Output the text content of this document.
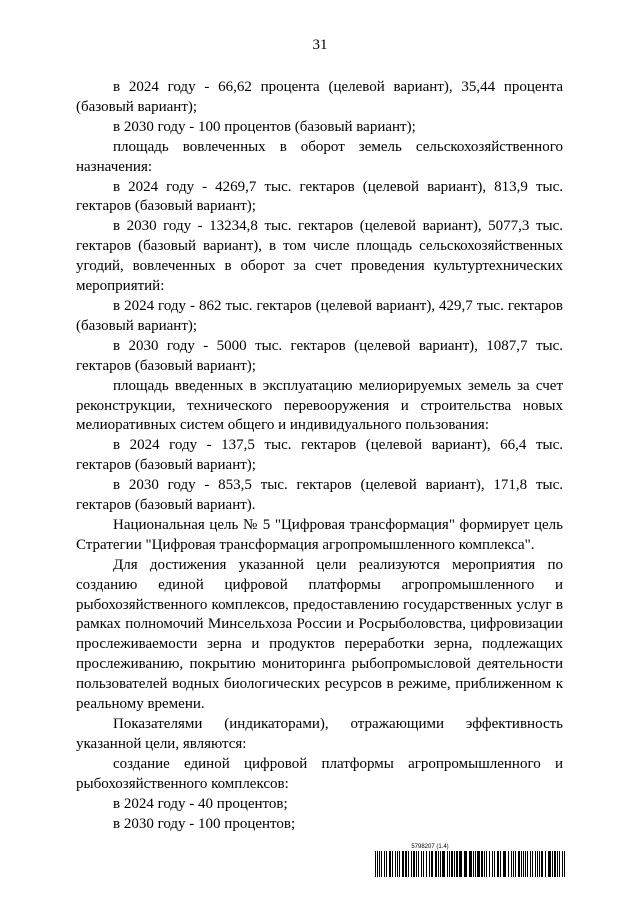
31

в 2024 году - 66,62 процента (целевой вариант), 35,44 процента (базовый вариант);

в 2030 году - 100 процентов (базовый вариант);

площадь вовлеченных в оборот земель сельскохозяйственного назначения:

в 2024 году - 4269,7 тыс. гектаров (целевой вариант), 813,9 тыс. гектаров (базовый вариант);

в 2030 году - 13234,8 тыс. гектаров (целевой вариант), 5077,3 тыс. гектаров (базовый вариант), в том числе площадь сельскохозяйственных угодий, вовлеченных в оборот за счет проведения культуртехнических мероприятий:

в 2024 году - 862 тыс. гектаров (целевой вариант), 429,7 тыс. гектаров (базовый вариант);

в 2030 году - 5000 тыс. гектаров (целевой вариант), 1087,7 тыс. гектаров (базовый вариант);

площадь введенных в эксплуатацию мелиорируемых земель за счет реконструкции, технического перевооружения и строительства новых мелиоративных систем общего и индивидуального пользования:

в 2024 году - 137,5 тыс. гектаров (целевой вариант), 66,4 тыс. гектаров (базовый вариант);

в 2030 году - 853,5 тыс. гектаров (целевой вариант), 171,8 тыс. гектаров (базовый вариант).

Национальная цель № 5 "Цифровая трансформация" формирует цель Стратегии "Цифровая трансформация агропромышленного комплекса".

Для достижения указанной цели реализуются мероприятия по созданию единой цифровой платформы агропромышленного и рыбохозяйственного комплексов, предоставлению государственных услуг в рамках полномочий Минсельхоза России и Росрыболовства, цифровизации прослеживаемости зерна и продуктов переработки зерна, подлежащих прослеживанию, покрытию мониторинга рыбопромысловой деятельности пользователей водных биологических ресурсов в режиме, приближенном к реальному времени.

Показателями (индикаторами), отражающими эффективность указанной цели, являются:

создание единой цифровой платформы агропромышленного и рыбохозяйственного комплексов:

в 2024 году - 40 процентов;

в 2030 году - 100 процентов;

5798207 (1.4)
